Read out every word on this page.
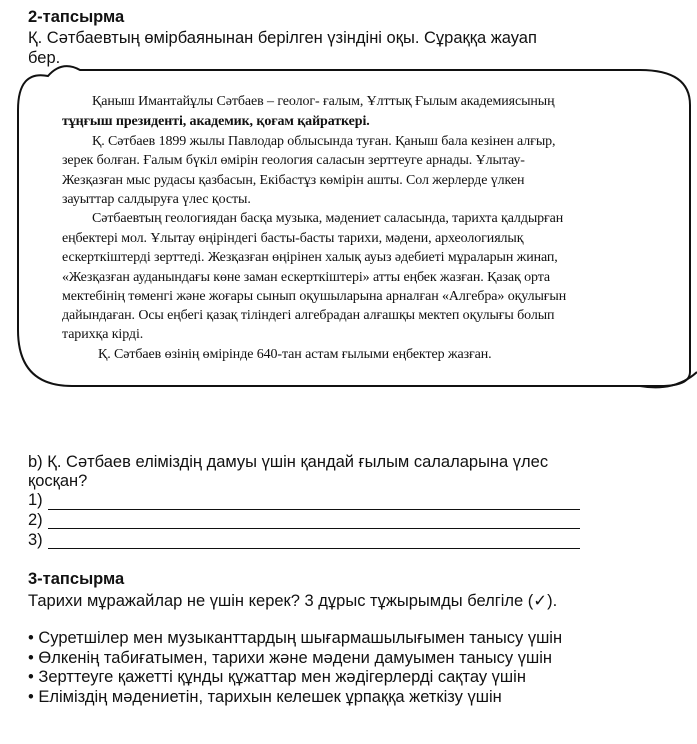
2-тапсырма
Қ. Сәтбаевтың өмірбаянынан берілген үзіндіні оқы. Сұраққа жауап
бер.
Қаныш Имантайұлы Сәтбаев – геолог- ғалым, Ұлттық Ғылым академиясының
тұңғыш президенті, академик, қоғам қайраткері.
Қ. Сәтбаев 1899 жылы Павлодар облысында туған. Қаныш бала кезінен алғыр,
зерек болған. Ғалым бүкіл өмірін геология саласын зерттеуге арнады. Ұлытау-
Жезқазған мыс рудасы қазбасын, Екібастұз көмірін ашты. Сол жерлерде үлкен
зауыттар салдыруға үлес қосты.
Сәтбаевтың геологиядан басқа музыка, мәдениет саласында, тарихта қалдырған
еңбектері мол. Ұлытау өңіріндегі басты-басты тарихи, мәдени, археологиялық
ескерткіштерді зерттеді. Жезқазған өңірінен халық ауыз әдебиеті мұраларын жинап,
«Жезқазған ауданындағы көне заман ескерткіштері» атты еңбек жазған. Қазақ орта
мектебінің төменгі және жоғары сынып оқушыларына арналған «Алгебра» оқулығын
дайындаған. Осы еңбегі қазақ тіліндегі алгебрадан алғашқы мектеп оқулығы болып
тарихқа кірді.
Қ. Сәтбаев өзінің өмірінде 640-тан астам ғылыми еңбектер жазған.
b) Қ. Сәтбаев еліміздің дамуы үшін қандай ғылым салаларына үлес
қосқан?
1)
2)
3)
3-тапсырма
Тарихи мұражайлар не үшін керек? 3 дұрыс тұжырымды белгіле (✓).
• Суретшілер мен музыканттардың шығармашылығымен танысу үшін
• Өлкенің табиғатымен, тарихи және мәдени дамуымен танысу үшін
• Зерттеуге қажетті құнды құжаттар мен жәдігерлерді сақтау үшін
• Еліміздің мәдениетін, тарихын келешек ұрпаққа жеткізу үшін
